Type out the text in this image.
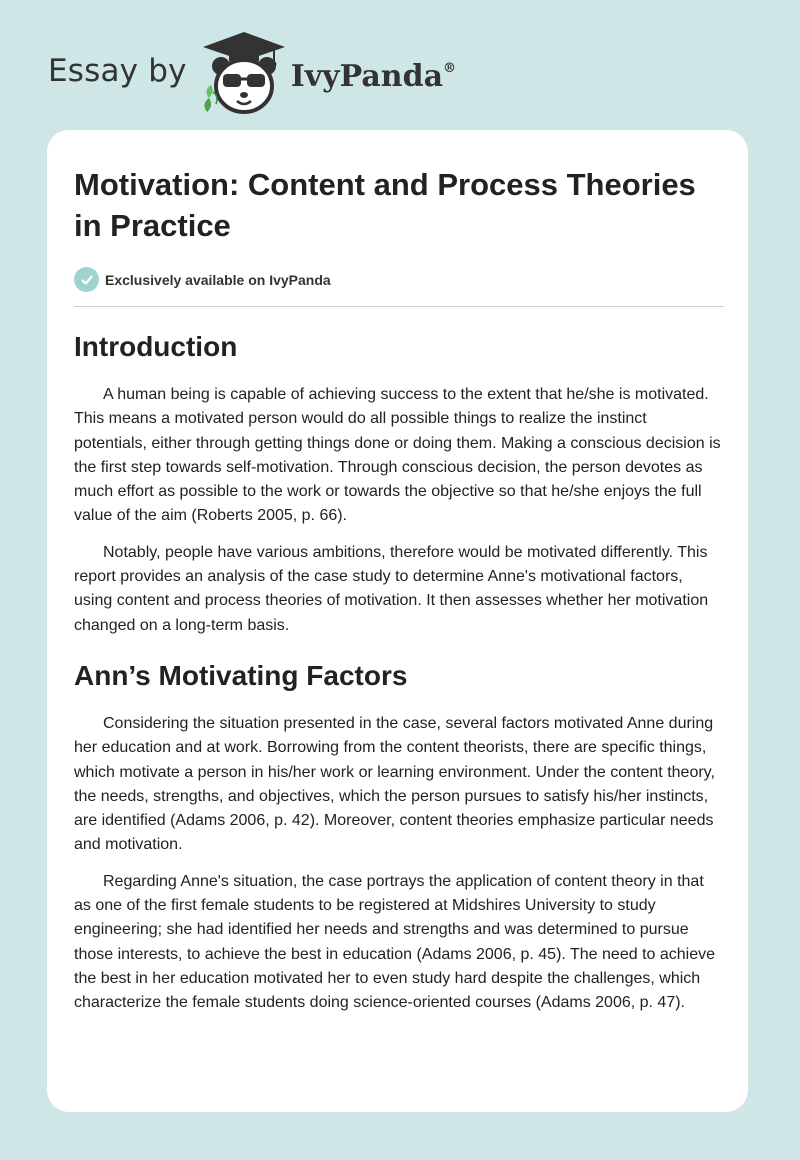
Essay by	IvyPanda®
Motivation: Content and Process Theories in Practice
Exclusively available on IvyPanda
Introduction

A human being is capable of achieving success to the extent that he/she is motivated. This means a motivated person would do all possible things to realize the instinct potentials, either through getting things done or doing them. Making a conscious decision is the first step towards self-motivation. Through conscious decision, the person devotes as much effort as possible to the work or towards the objective so that he/she enjoys the full value of the aim (Roberts 2005, p. 66).

Notably, people have various ambitions, therefore would be motivated differently. This report provides an analysis of the case study to determine Anne's motivational factors, using content and process theories of motivation. It then assesses whether her motivation changed on a long-term basis.

Ann’s Motivating Factors

Considering the situation presented in the case, several factors motivated Anne during her education and at work. Borrowing from the content theorists, there are specific things, which motivate a person in his/her work or learning environment. Under the content theory, the needs, strengths, and objectives, which the person pursues to satisfy his/her instincts, are identified (Adams 2006, p. 42). Moreover, content theories emphasize particular needs and motivation.

Regarding Anne's situation, the case portrays the application of content theory in that as one of the first female students to be registered at Midshires University to study engineering; she had identified her needs and strengths and was determined to pursue those interests, to achieve the best in education (Adams 2006, p. 45). The need to achieve the best in her education motivated her to even study hard despite the challenges, which characterize the female students doing science-oriented courses (Adams 2006, p. 47).
